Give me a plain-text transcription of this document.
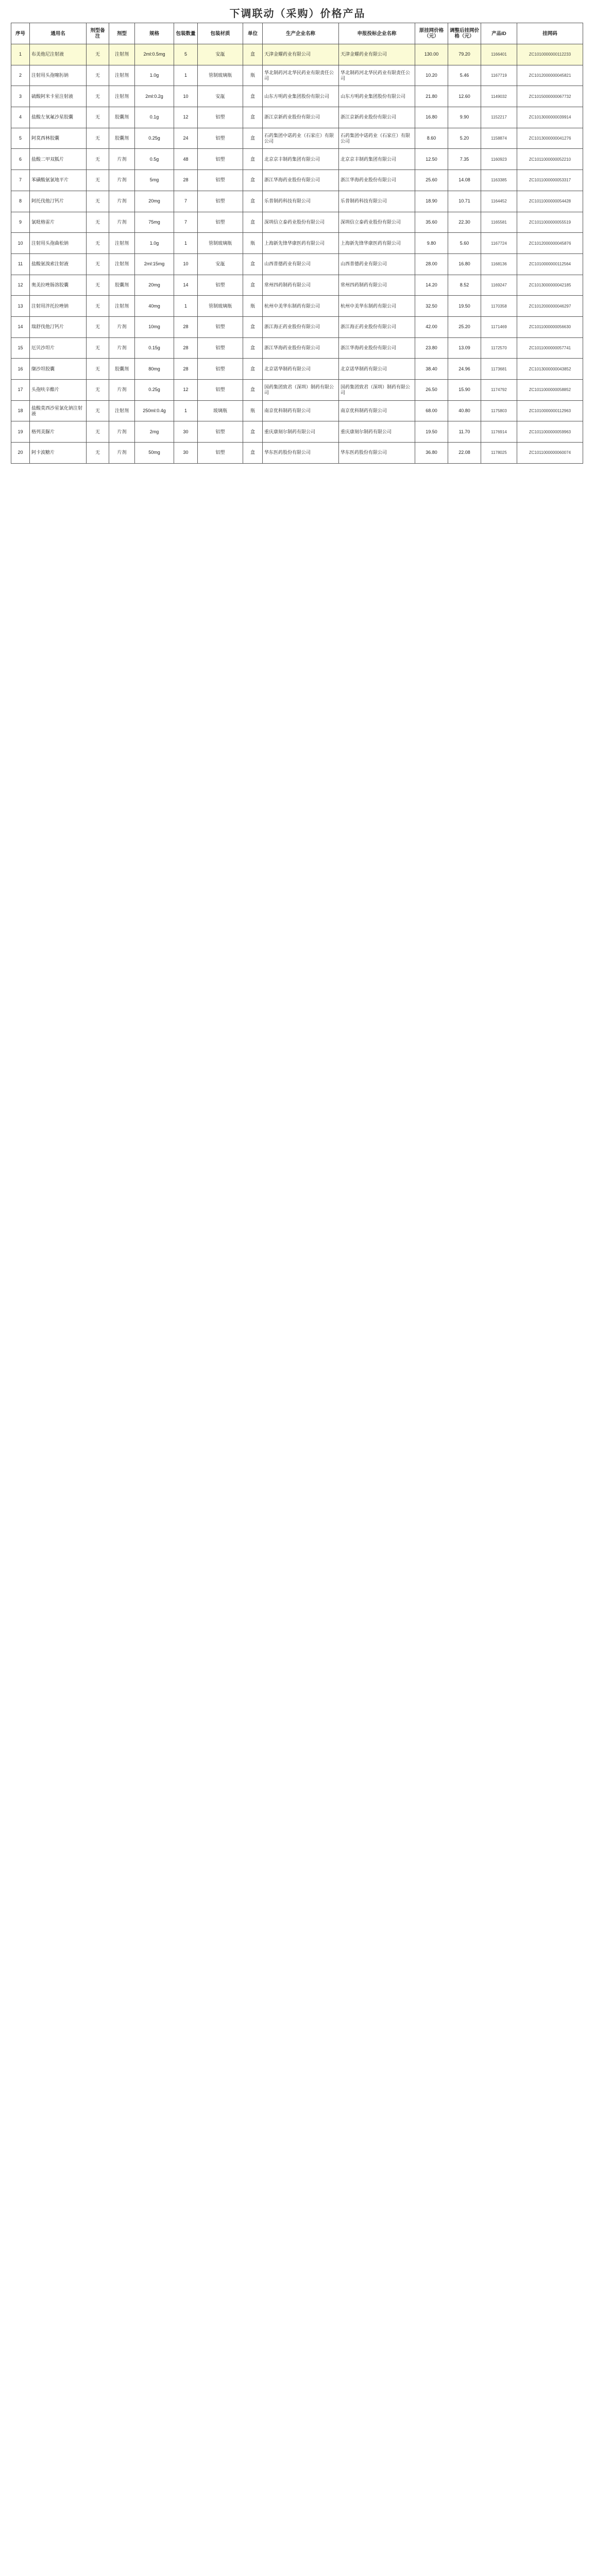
下调联动（采购）价格产品
序号	通用名	剂型备注	剂型	规格	包装数量	包装材质	单位	生产企业名称	申报投标企业名称	原挂网价格（元）	调整后挂网价格（元）	产品ID	挂网码
1	布美他尼注射液	无	注射剂	2ml:0.5mg	5	安瓿	盒	天津金耀药业有限公司	天津金耀药业有限公司	130.00	79.20	1166401	ZC1010000000112233
2	注射用头孢噻肟钠	无	注射剂	1.0g	1	管制玻璃瓶	瓶	华北制药河北华民药业有限责任公司	华北制药河北华民药业有限责任公司	10.20	5.46	1167719	ZC1012000000045821
3	硫酸阿米卡星注射液	无	注射剂	2ml:0.2g	10	安瓿	盒	山东方明药业集团股份有限公司	山东方明药业集团股份有限公司	21.80	12.60	1149032	ZC1015000000067732
4	盐酸左氧氟沙星胶囊	无	胶囊剂	0.1g	12	铝塑	盒	浙江京新药业股份有限公司	浙江京新药业股份有限公司	16.80	9.90	1152217	ZC1013000000039914
5	阿莫西林胶囊	无	胶囊剂	0.25g	24	铝塑	盒	石药集团中诺药业（石家庄）有限公司	石药集团中诺药业（石家庄）有限公司	8.60	5.20	1158874	ZC1013000000041276
6	盐酸二甲双胍片	无	片剂	0.5g	48	铝塑	盒	北京京丰制药集团有限公司	北京京丰制药集团有限公司	12.50	7.35	1160923	ZC1011000000052210
7	苯磺酸氨氯地平片	无	片剂	5mg	28	铝塑	盒	浙江华海药业股份有限公司	浙江华海药业股份有限公司	25.60	14.08	1163385	ZC1011000000053317
8	阿托伐他汀钙片	无	片剂	20mg	7	铝塑	盒	乐普制药科技有限公司	乐普制药科技有限公司	18.90	10.71	1164452	ZC1011000000054428
9	氯吡格雷片	无	片剂	75mg	7	铝塑	盒	深圳信立泰药业股份有限公司	深圳信立泰药业股份有限公司	35.60	22.30	1165581	ZC1011000000055519
10	注射用头孢曲松钠	无	注射剂	1.0g	1	管制玻璃瓶	瓶	上海新先锋华康医药有限公司	上海新先锋华康医药有限公司	9.80	5.60	1167724	ZC1012000000045876
11	盐酸氨溴索注射液	无	注射剂	2ml:15mg	10	安瓿	盒	山西普德药业有限公司	山西普德药业有限公司	28.00	16.80	1168136	ZC1010000000112564
12	奥美拉唑肠溶胶囊	无	胶囊剂	20mg	14	铝塑	盒	常州四药制药有限公司	常州四药制药有限公司	14.20	8.52	1169247	ZC1013000000042185
13	注射用泮托拉唑钠	无	注射剂	40mg	1	管制玻璃瓶	瓶	杭州中美华东制药有限公司	杭州中美华东制药有限公司	32.50	19.50	1170358	ZC1012000000046297
14	瑞舒伐他汀钙片	无	片剂	10mg	28	铝塑	盒	浙江海正药业股份有限公司	浙江海正药业股份有限公司	42.00	25.20	1171469	ZC1011000000056630
15	厄贝沙坦片	无	片剂	0.15g	28	铝塑	盒	浙江华海药业股份有限公司	浙江华海药业股份有限公司	23.80	13.09	1172570	ZC1011000000057741
16	缬沙坦胶囊	无	胶囊剂	80mg	28	铝塑	盒	北京诺华制药有限公司	北京诺华制药有限公司	38.40	24.96	1173681	ZC1013000000043852
17	头孢呋辛酯片	无	片剂	0.25g	12	铝塑	盒	国药集团致君（深圳）制药有限公司	国药集团致君（深圳）制药有限公司	26.50	15.90	1174792	ZC1011000000058852
18	盐酸莫西沙星氯化钠注射液	无	注射剂	250ml:0.4g	1	玻璃瓶	瓶	南京优科制药有限公司	南京优科制药有限公司	68.00	40.80	1175803	ZC1010000000112963
19	格列美脲片	无	片剂	2mg	30	铝塑	盒	重庆康刻尔制药有限公司	重庆康刻尔制药有限公司	19.50	11.70	1176914	ZC1011000000059963
20	阿卡波糖片	无	片剂	50mg	30	铝塑	盒	华东医药股份有限公司	华东医药股份有限公司	36.80	22.08	1178025	ZC1011000000060074
